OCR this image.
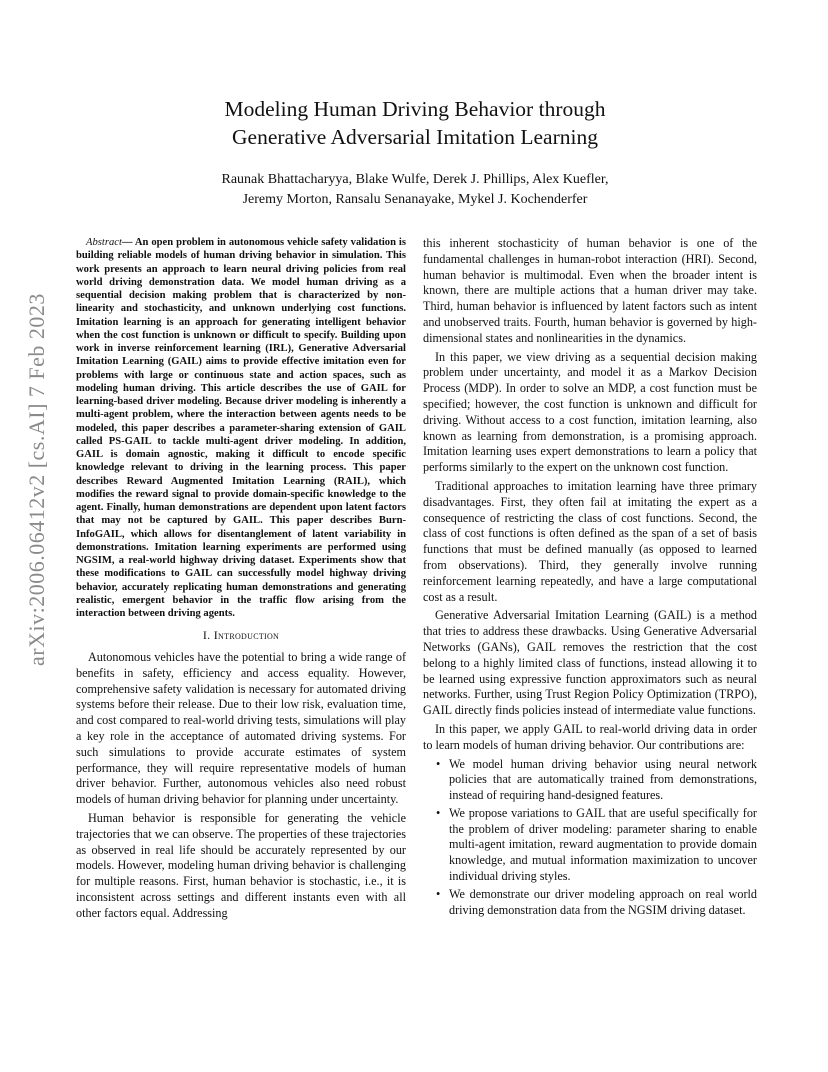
arXiv:2006.06412v2 [cs.AI] 7 Feb 2023
Modeling Human Driving Behavior through
Generative Adversarial Imitation Learning
Raunak Bhattacharyya, Blake Wulfe, Derek J. Phillips, Alex Kuefler,
Jeremy Morton, Ransalu Senanayake, Mykel J. Kochenderfer

Abstract— An open problem in autonomous vehicle safety validation is building reliable models of human driving behavior in simulation. This work presents an approach to learn neural driving policies from real world driving demonstration data. We model human driving as a sequential decision making problem that is characterized by non-linearity and stochasticity, and unknown underlying cost functions. Imitation learning is an approach for generating intelligent behavior when the cost function is unknown or difficult to specify. Building upon work in inverse reinforcement learning (IRL), Generative Adversarial Imitation Learning (GAIL) aims to provide effective imitation even for problems with large or continuous state and action spaces, such as modeling human driving. This article describes the use of GAIL for learning-based driver modeling. Because driver modeling is inherently a multi-agent problem, where the interaction between agents needs to be modeled, this paper describes a parameter-sharing extension of GAIL called PS-GAIL to tackle multi-agent driver modeling. In addition, GAIL is domain agnostic, making it difficult to encode specific knowledge relevant to driving in the learning process. This paper describes Reward Augmented Imitation Learning (RAIL), which modifies the reward signal to provide domain-specific knowledge to the agent. Finally, human demonstrations are dependent upon latent factors that may not be captured by GAIL. This paper describes Burn-InfoGAIL, which allows for disentanglement of latent variability in demonstrations. Imitation learning experiments are performed using NGSIM, a real-world highway driving dataset. Experiments show that these modifications to GAIL can successfully model highway driving behavior, accurately replicating human demonstrations and generating realistic, emergent behavior in the traffic flow arising from the interaction between driving agents.

I. Introduction

Autonomous vehicles have the potential to bring a wide range of benefits in safety, efficiency and access equality. However, comprehensive safety validation is necessary for automated driving systems before their release. Due to their low risk, evaluation time, and cost compared to real-world driving tests, simulations will play a key role in the acceptance of automated driving systems. For such simulations to provide accurate estimates of system performance, they will require representative models of human driver behavior. Further, autonomous vehicles also need robust models of human driving behavior for planning under uncertainty.

Human behavior is responsible for generating the vehicle trajectories that we can observe. The properties of these trajectories as observed in real life should be accurately represented by our models. However, modeling human driving behavior is challenging for multiple reasons. First, human behavior is stochastic, i.e., it is inconsistent across settings and different instants even with all other factors equal. Addressing

this inherent stochasticity of human behavior is one of the fundamental challenges in human-robot interaction (HRI). Second, human behavior is multimodal. Even when the broader intent is known, there are multiple actions that a human driver may take. Third, human behavior is influenced by latent factors such as intent and unobserved traits. Fourth, human behavior is governed by high-dimensional states and nonlinearities in the dynamics.

In this paper, we view driving as a sequential decision making problem under uncertainty, and model it as a Markov Decision Process (MDP). In order to solve an MDP, a cost function must be specified; however, the cost function is unknown and difficult for driving. Without access to a cost function, imitation learning, also known as learning from demonstration, is a promising approach. Imitation learning uses expert demonstrations to learn a policy that performs similarly to the expert on the unknown cost function.

Traditional approaches to imitation learning have three primary disadvantages. First, they often fail at imitating the expert as a consequence of restricting the class of cost functions. Second, the class of cost functions is often defined as the span of a set of basis functions that must be defined manually (as opposed to learned from observations). Third, they generally involve running reinforcement learning repeatedly, and have a large computational cost as a result.

Generative Adversarial Imitation Learning (GAIL) is a method that tries to address these drawbacks. Using Generative Adversarial Networks (GANs), GAIL removes the restriction that the cost belong to a highly limited class of functions, instead allowing it to be learned using expressive function approximators such as neural networks. Further, using Trust Region Policy Optimization (TRPO), GAIL directly finds policies instead of intermediate value functions.

In this paper, we apply GAIL to real-world driving data in order to learn models of human driving behavior. Our contributions are:

• We model human driving behavior using neural network policies that are automatically trained from demonstrations, instead of requiring hand-designed features.
• We propose variations to GAIL that are useful specifically for the problem of driver modeling: parameter sharing to enable multi-agent imitation, reward augmentation to provide domain knowledge, and mutual information maximization to uncover individual driving styles.
• We demonstrate our driver modeling approach on real world driving demonstration data from the NGSIM driving dataset.
